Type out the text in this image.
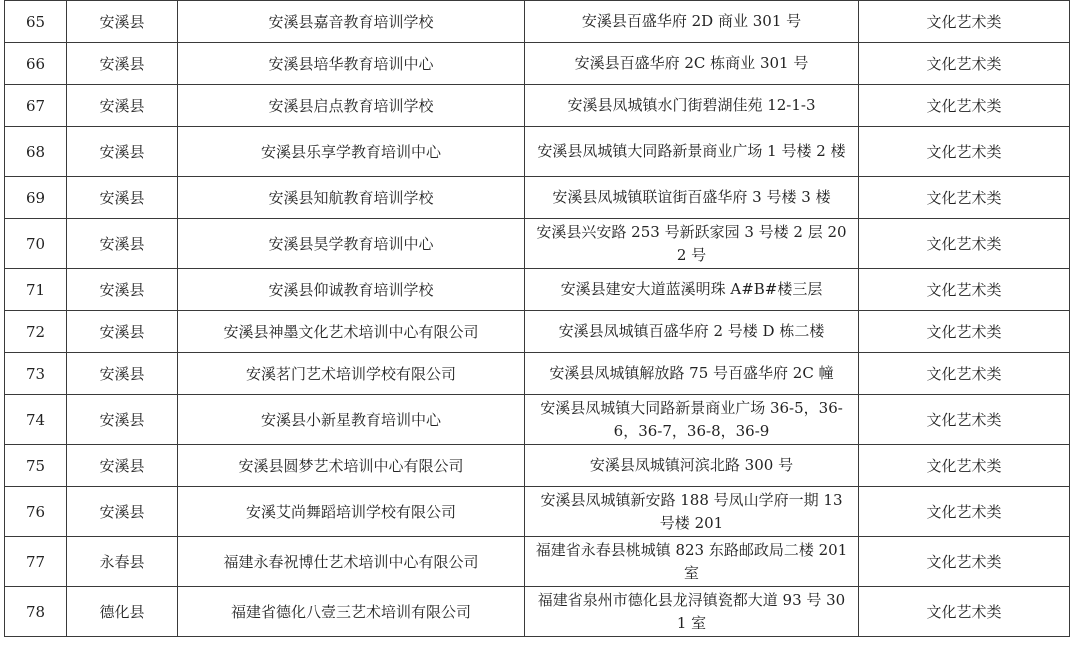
65	安溪县	安溪县嘉音教育培训学校	安溪县百盛华府 2D 商业 301 号	文化艺术类
66	安溪县	安溪县培华教育培训中心	安溪县百盛华府 2C 栋商业 301 号	文化艺术类
67	安溪县	安溪县启点教育培训学校	安溪县凤城镇水门街碧湖佳苑 12-1-3	文化艺术类
68	安溪县	安溪县乐享学教育培训中心	安溪县凤城镇大同路新景商业广场 1 号楼 2 楼	文化艺术类
69	安溪县	安溪县知航教育培训学校	安溪县凤城镇联谊街百盛华府 3 号楼 3 楼	文化艺术类
70	安溪县	安溪县昊学教育培训中心	安溪县兴安路 253 号新跃家园 3 号楼 2 层 202 号	文化艺术类
71	安溪县	安溪县仰诚教育培训学校	安溪县建安大道蓝溪明珠 A#B#楼三层	文化艺术类
72	安溪县	安溪县神墨文化艺术培训中心有限公司	安溪县凤城镇百盛华府 2 号楼 D 栋二楼	文化艺术类
73	安溪县	安溪茗门艺术培训学校有限公司	安溪县凤城镇解放路 75 号百盛华府 2C 幢	文化艺术类
74	安溪县	安溪县小新星教育培训中心	安溪县凤城镇大同路新景商业广场 36-5，36-6，36-7，36-8，36-9	文化艺术类
75	安溪县	安溪县圆梦艺术培训中心有限公司	安溪县凤城镇河滨北路 300 号	文化艺术类
76	安溪县	安溪艾尚舞蹈培训学校有限公司	安溪县凤城镇新安路 188 号凤山学府一期 13 号楼 201	文化艺术类
77	永春县	福建永春祝博仕艺术培训中心有限公司	福建省永春县桃城镇 823 东路邮政局二楼 201 室	文化艺术类
78	德化县	福建省德化八壹三艺术培训有限公司	福建省泉州市德化县龙浔镇瓷都大道 93 号 301 室	文化艺术类
